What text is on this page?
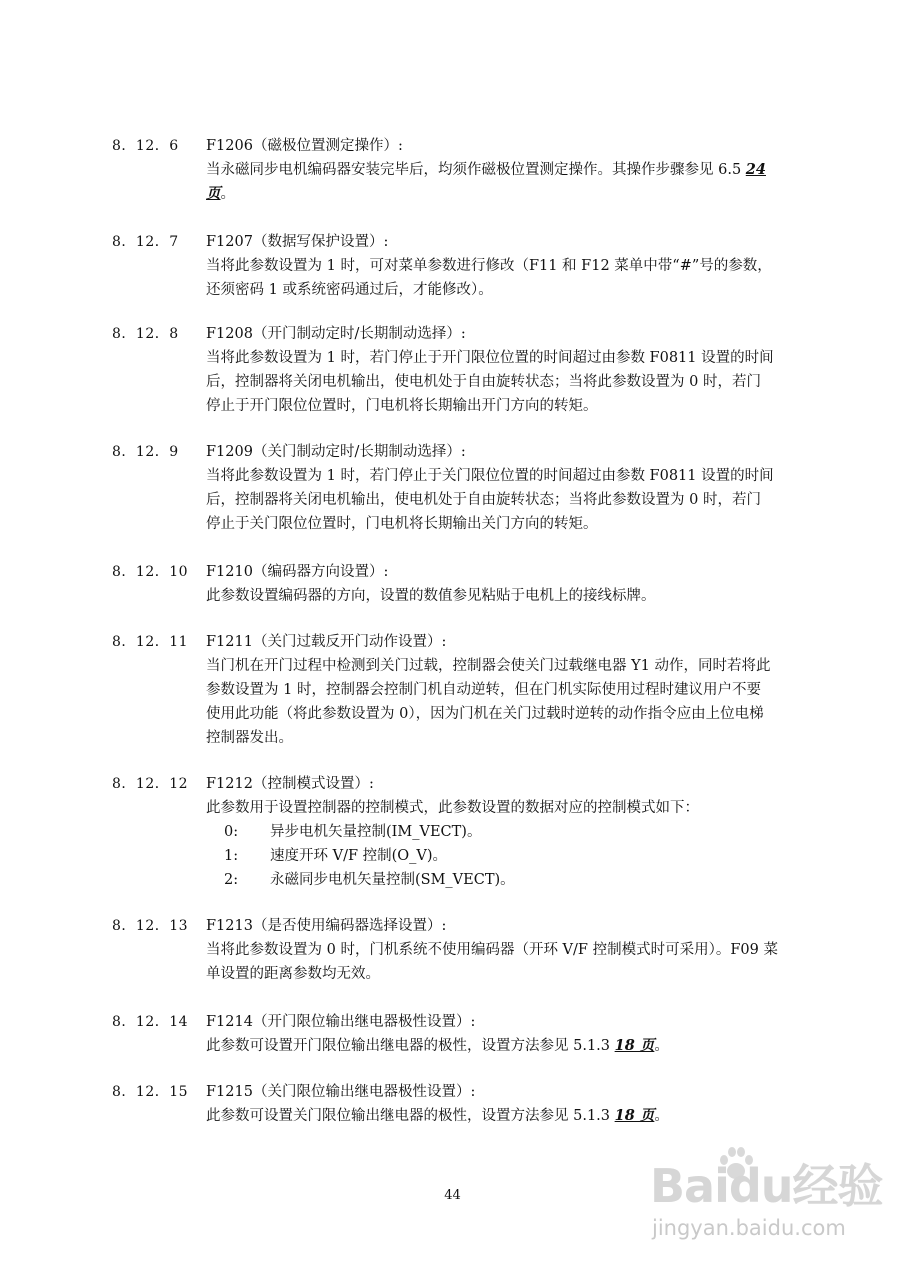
8．12．6 F1206（磁极位置测定操作）:
当永磁同步电机编码器安装完毕后，均须作磁极位置测定操作。其操作步骤参见 6.5 24
页。
8．12．7 F1207（数据写保护设置）:
当将此参数设置为 1 时，可对菜单参数进行修改（F11 和 F12 菜单中带“#”号的参数，
还须密码 1 或系统密码通过后，才能修改）。
8．12．8 F1208（开门制动定时/长期制动选择）:
当将此参数设置为 1 时，若门停止于开门限位位置的时间超过由参数 F0811 设置的时间
后，控制器将关闭电机输出，使电机处于自由旋转状态；当将此参数设置为 0 时，若门
停止于开门限位位置时，门电机将长期输出开门方向的转矩。
8．12．9 F1209（关门制动定时/长期制动选择）:
当将此参数设置为 1 时，若门停止于关门限位位置的时间超过由参数 F0811 设置的时间
后，控制器将关闭电机输出，使电机处于自由旋转状态；当将此参数设置为 0 时，若门
停止于关门限位位置时，门电机将长期输出关门方向的转矩。
8．12．10 F1210（编码器方向设置）:
此参数设置编码器的方向，设置的数值参见粘贴于电机上的接线标牌。
8．12．11 F1211（关门过载反开门动作设置）:
当门机在开门过程中检测到关门过载，控制器会使关门过载继电器 Y1 动作，同时若将此
参数设置为 1 时，控制器会控制门机自动逆转，但在门机实际使用过程时建议用户不要
使用此功能（将此参数设置为 0），因为门机在关门过载时逆转的动作指令应由上位电梯
控制器发出。
8．12．12 F1212（控制模式设置）:
此参数用于设置控制器的控制模式，此参数设置的数据对应的控制模式如下：
0: 异步电机矢量控制(IM_VECT)。
1: 速度开环 V/F 控制(O_V)。
2: 永磁同步电机矢量控制(SM_VECT)。
8．12．13 F1213（是否使用编码器选择设置）:
当将此参数设置为 0 时，门机系统不使用编码器（开环 V/F 控制模式时可采用）。F09 菜
单设置的距离参数均无效。
8．12．14 F1214（开门限位输出继电器极性设置）:
此参数可设置开门限位输出继电器的极性，设置方法参见 5.1.3 18 页。
8．12．15 F1215（关门限位输出继电器极性设置）:
此参数可设置关门限位输出继电器的极性，设置方法参见 5.1.3 18 页。
44	Baidu经验
jingyan.baidu.com
